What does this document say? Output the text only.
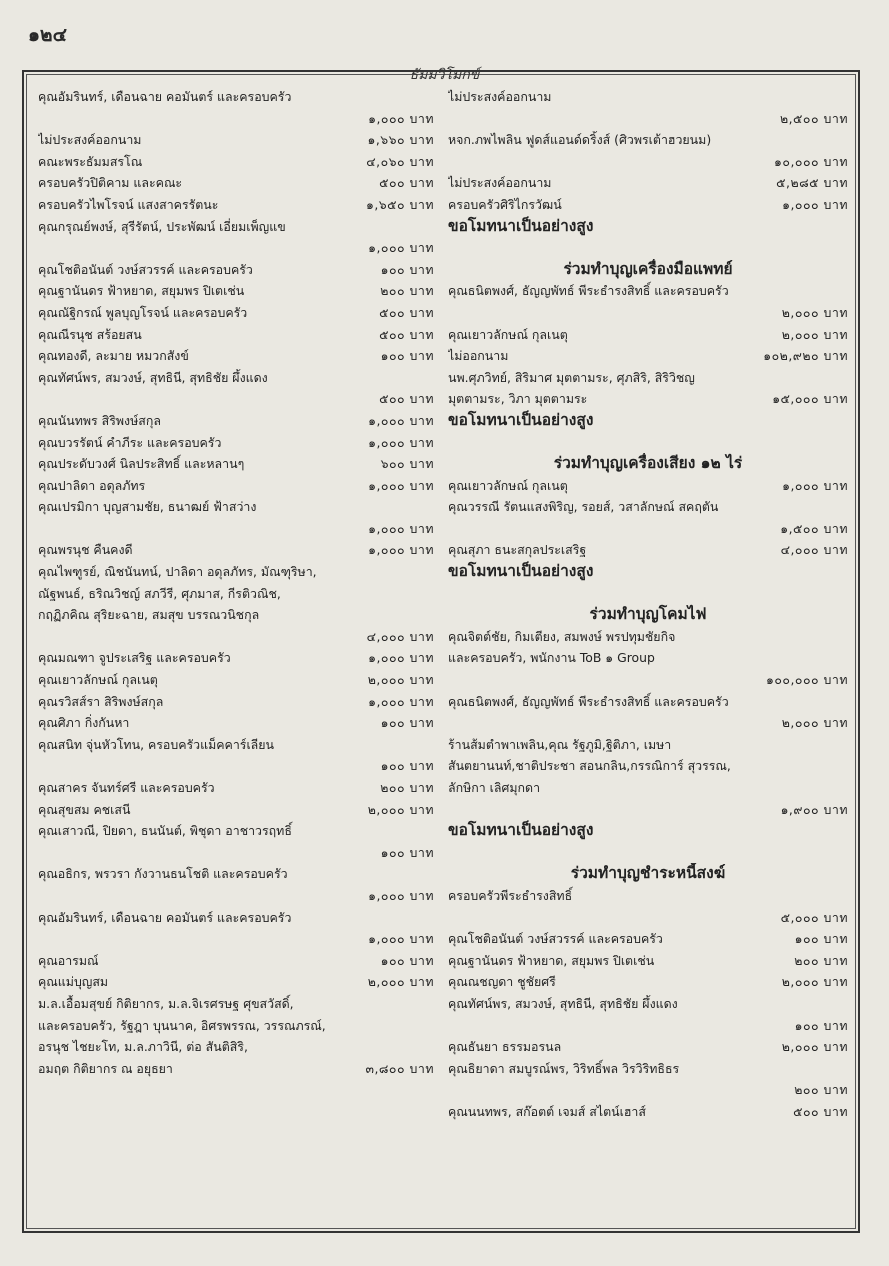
๑๒๔
ธัมมวิโมกข์
คุณอัมรินทร์, เดือนฉาย คอมันตร์ และครอบครัว
๑,๐๐๐ บาท
ไม่ประสงค์ออกนาม	๑,๖๖๐ บาท
คณะพระธัมมสรโณ	๔,๐๖๐ บาท
ครอบครัวปิติคาม และคณะ	๕๐๐ บาท
ครอบครัวไพโรจน์ แสงสาครรัตนะ	๑,๖๕๐ บาท
คุณกรุณย์พงษ์, สุรีรัตน์, ประพัฒน์ เอี่ยมเพ็ญแข
๑,๐๐๐ บาท
คุณโชติอนันต์ วงษ์สวรรค์ และครอบครัว	๑๐๐ บาท
คุณฐานันดร ฟ้าหยาด, สยุมพร ปิเตเช่น	๒๐๐ บาท
คุณณัฐิกรณ์ พูลบุญโรจน์ และครอบครัว	๕๐๐ บาท
คุณณีรนุช สร้อยสน	๕๐๐ บาท
คุณทองดี, ละมาย หมวกสังข์	๑๐๐ บาท
คุณทัศน์พร, สมวงษ์, สุทธินี, สุทธิชัย ผึ้งแดง
๕๐๐ บาท
คุณนันทพร สิริพงษ์สกุล	๑,๐๐๐ บาท
คุณบวรรัตน์ คำภีระ และครอบครัว	๑,๐๐๐ บาท
คุณประดับวงศ์ นิลประสิทธิ์ และหลานๆ	๖๐๐ บาท
คุณปาลิดา อดุลภัทร	๑,๐๐๐ บาท
คุณเปรมิกา บุญสามชัย, ธนาฒย์ ฟ้าสว่าง
๑,๐๐๐ บาท
คุณพรนุช คืนคงดี	๑,๐๐๐ บาท
คุณไพฑูรย์, ณิชนันทน์, ปาลิดา อดุลภัทร, มัณฑุริษา,
ณัฐพนธ์, ธริณวิชญ์ สภวีรี, ศุภมาส, กีรติวณิช,
กฤฏิภคิณ สุริยะฉาย, สมสุข บรรณวนิชกุล
๔,๐๐๐ บาท
คุณมณฑา จูประเสริฐ และครอบครัว	๑,๐๐๐ บาท
คุณเยาวลักษณ์ กุลเนตุ	๒,๐๐๐ บาท
คุณรวิสส์รา สิริพงษ์สกุล	๑,๐๐๐ บาท
คุณศิภา กิ่งกันหา	๑๐๐ บาท
คุณสนิท จุ่นหัวโทน, ครอบครัวแม็คคาร์เลียน
๑๐๐ บาท
คุณสาคร จันทร์ศรี และครอบครัว	๒๐๐ บาท
คุณสุขสม คชเสนี	๒,๐๐๐ บาท
คุณเสาวณี, ปิยดา, ธนนันต์, พิชุดา อาชาวรฤทธิ์
๑๐๐ บาท
คุณอธิกร, พรวรา กังวานธนโชติ และครอบครัว
๑,๐๐๐ บาท
คุณอัมรินทร์, เดือนฉาย คอมันตร์ และครอบครัว
๑,๐๐๐ บาท
คุณอารมณ์	๑๐๐ บาท
คุณแม่บุญสม	๒,๐๐๐ บาท
ม.ล.เอื้อมสุขย์ กิติยากร, ม.ล.จิเรศรษฐ ศุขสวัสดิ์,
และครอบครัว, รัฐฎา บุนนาค, อิศรพรรณ, วรรณภรณ์,
อรนุช ไชยะโท, ม.ล.ภาวินี, ต่อ สันติสิริ,
อมฤต กิติยากร ณ อยุธยา	๓,๘๐๐ บาท
ไม่ประสงค์ออกนาม
๒,๕๐๐ บาท
หจก.ภพไพลิน ฟูดส์แอนด์ดริ้งส์ (ศิวพรเต้าฮวยนม)
๑๐,๐๐๐ บาท
ไม่ประสงค์ออกนาม	๕,๒๘๕ บาท
ครอบครัวศิริไกรวัฒน์	๑,๐๐๐ บาท
ขอโมทนาเป็นอย่างสูง
ร่วมทำบุญเครื่องมือแพทย์
คุณธนิตพงศ์, ธัญญพัทธ์ พีระธำรงสิทธิ์ และครอบครัว
๒,๐๐๐ บาท
คุณเยาวลักษณ์ กุลเนตุ	๒,๐๐๐ บาท
ไม่ออกนาม	๑๐๒,๙๒๐ บาท
นพ.ศุภวิทย์, สิริมาศ มุตตามระ, ศุภสิริ, สิริวิชญ
มุตตามระ, วิภา มุตตามระ	๑๕,๐๐๐ บาท
ขอโมทนาเป็นอย่างสูง
ร่วมทำบุญเครื่องเสียง ๑๒ ไร่
คุณเยาวลักษณ์ กุลเนตุ	๑,๐๐๐ บาท
คุณวรรณี รัตนแสงพิริญ, รอยส์, วสาลักษณ์ สคฤตัน
๑,๕๐๐ บาท
คุณสุภา ธนะสกุลประเสริฐ	๔,๐๐๐ บาท
ขอโมทนาเป็นอย่างสูง
ร่วมทำบุญโคมไฟ
คุณจิตต์ชัย, กิมเตียง, สมพงษ์ พรปทุมชัยกิจ
และครอบครัว, พนักงาน ToB ๑ Group
๑๐๐,๐๐๐ บาท
คุณธนิตพงศ์, ธัญญพัทธ์ พีระธำรงสิทธิ์ และครอบครัว
๒,๐๐๐ บาท
ร้านส้มตำพาเพลิน,คุณ รัฐภูมิ,ฐิติภา, เมษา
สันตยานนท์,ชาติประชา สอนกลิน,กรรณิการ์ สุวรรณ,
ลักษิกา เลิศมุกดา
๑,๙๐๐ บาท
ขอโมทนาเป็นอย่างสูง
ร่วมทำบุญชำระหนี้สงฆ์
ครอบครัวพีระธำรงสิทธิ์
๕,๐๐๐ บาท
คุณโชติอนันต์ วงษ์สวรรค์ และครอบครัว	๑๐๐ บาท
คุณฐานันดร ฟ้าหยาด, สยุมพร ปิเตเช่น	๒๐๐ บาท
คุณณชญดา ชูชัยศรี	๒,๐๐๐ บาท
คุณทัศน์พร, สมวงษ์, สุทธินี, สุทธิชัย ผึ้งแดง
๑๐๐ บาท
คุณธันยา ธรรมอรนล	๒,๐๐๐ บาท
คุณธิยาดา สมบูรณ์พร, วิริทธิ์พล วิรวิริทธิธร
๒๐๐ บาท
คุณนนทพร, สก๊อตต์ เจมส์ สไตน์เฮาส์	๕๐๐ บาท
